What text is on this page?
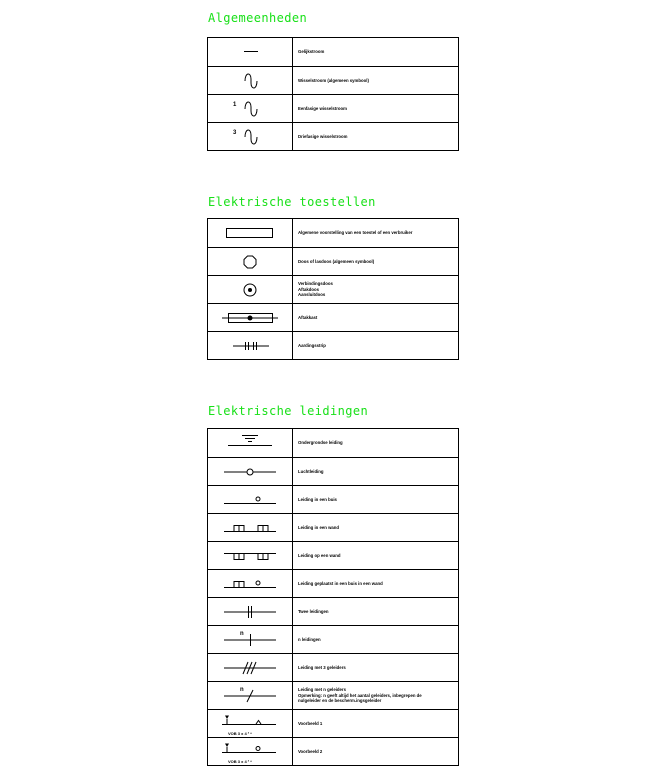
Algemeenheden
Gelijkstroom
Wisselstroom (algemeen symbool)
1
Eenfasige wisselstroom
3
Driefasige wisselstroom
Elektrische toestellen
Algemene voorstelling van een toestel of een verbruiker
Doos of lasdoos (algemeen symbool)
Verbindingsdoos
Aftakdoos
Aansluitdoos
Aftakkast
Aardingsstrip
Elektrische leidingen
Ondergrondse leiding
Luchtleiding
Leiding in een buis
Leiding in een wand
Leiding op een wand
Leiding geplaatst in een buis in een wand
Twee leidingen
n
n leidingen
Leiding met 3 geleiders
n	Leiding met n geleiders
Opmerking: n geeft altijd het aantal geleiders, inbegrepen de
nulgeleider en de bescherm.ingsgeleider
VOB 3 x 4 ² *
Voorbeeld 1
VOB 3 x 4 ² *
Voorbeeld 2
